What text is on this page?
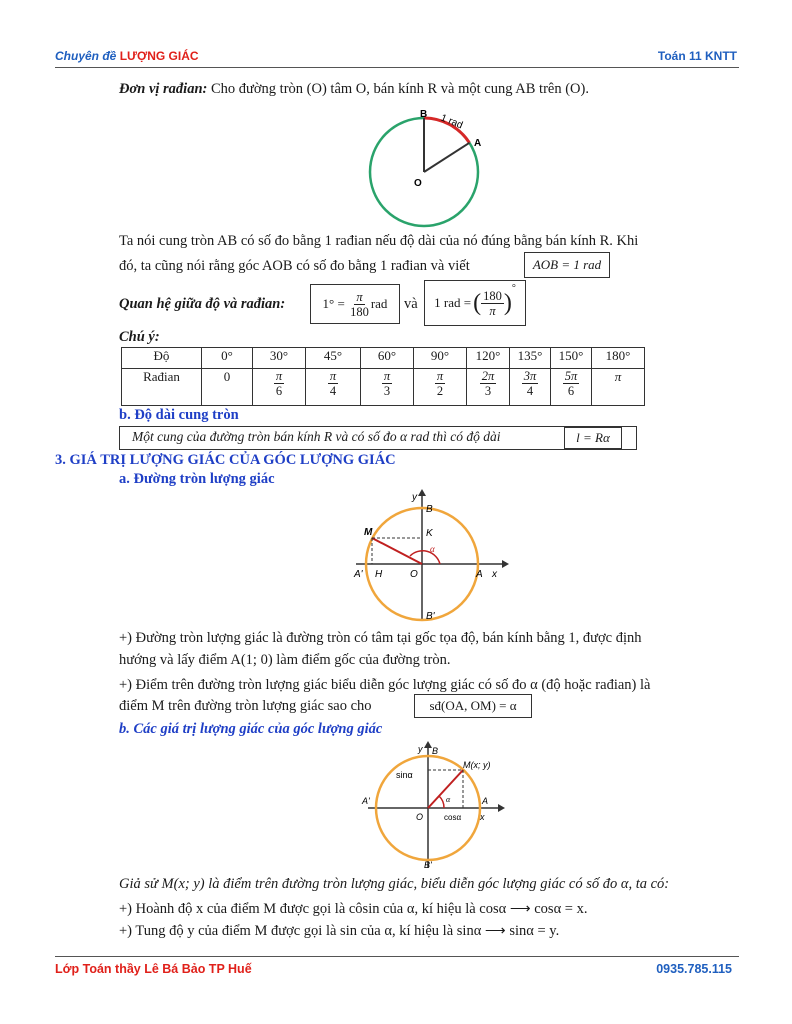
Chuyên đề LƯỢNG GIÁC	Toán 11 KNTT
Đơn vị rađian: Cho đường tròn (O) tâm O, bán kính R và một cung AB trên (O).
B
A
O
1 rad
Ta nói cung tròn AB có số đo bằng 1 rađian nếu độ dài của nó đúng bằng bán kính R. Khi
đó, ta cũng nói rằng góc AOB có số đo bằng 1 rađian và viết	AOB = 1 rad
Quan hệ giữa độ và rađian:	1° =
$\frac{\pi}{180}$ rad và 1 rad = ( $\frac{180}{\pi}$ )
°
Chú ý:
Độ	0°	30°	45°	60°	90°	120°	135°	150°	180°
Rađian	0	$\frac{\pi}{6}$	$\frac{\pi}{4}$	$\frac{\pi}{3}$	$\frac{\pi}{2}$	$\frac{2\pi}{3}$	$\frac{3\pi}{4}$	$\frac{5\pi}{6}$	π
b. Độ dài cung tròn
Một cung của đường tròn bán kính R và có số đo α rad thì có độ dài	l = Rα
3. GIÁ TRỊ LƯỢNG GIÁC CỦA GÓC LƯỢNG GIÁC
a. Đường tròn lượng giác
M	K
α
B
y
A' H	O	A x
B'
+) Đường tròn lượng giác là đường tròn có tâm tại gốc tọa độ, bán kính bằng 1, được định
hướng và lấy điểm A(1; 0) làm điểm gốc của đường tròn.
+) Điểm trên đường tròn lượng giác biểu diễn góc lượng giác có số đo α (độ hoặc rađian) là
điểm M trên đường tròn lượng giác sao cho	sđ(OA, OM) = α
b. Các giá trị lượng giác của góc lượng giác
y B
M(x; y)
sinα
A'	α	A
O	cosα x
B'
Giả sử M(x; y) là điểm trên đường tròn lượng giác, biểu diễn góc lượng giác có số đo α, ta có:
+) Hoành độ x của điểm M được gọi là côsin của α, kí hiệu là cosα ⟶ cosα = x.
+) Tung độ y của điểm M được gọi là sin của α, kí hiệu là sinα ⟶ sinα = y.
Lớp Toán thầy Lê Bá Bảo TP Huế	0935.785.115
